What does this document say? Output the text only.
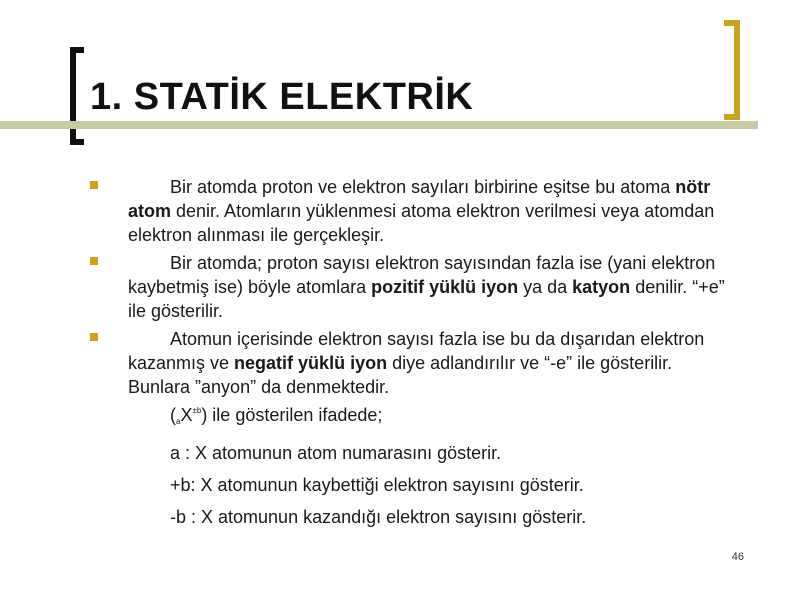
1. STATİK ELEKTRİK
Bir atomda proton ve elektron sayıları birbirine eşitse bu atoma nötr atom denir. Atomların yüklenmesi atoma elektron verilmesi veya atomdan elektron alınması ile gerçekleşir.
Bir atomda; proton sayısı elektron sayısından fazla ise (yani elektron kaybetmiş ise) böyle atomlara pozitif yüklü iyon ya da katyon denilir. “+e” ile gösterilir.
Atomun içerisinde elektron sayısı fazla ise bu da dışarıdan elektron kazanmış ve negatif yüklü iyon diye adlandırılır ve “-e” ile gösterilir. Bunlara ”anyon” da denmektedir.
$(aX^{\pm b})$ ile gösterilen ifadede;
a : X atomunun atom numarasını gösterir.
+b: X atomunun kaybettiği elektron sayısını gösterir.
-b : X atomunun kazandığı elektron sayısını gösterir.
46
